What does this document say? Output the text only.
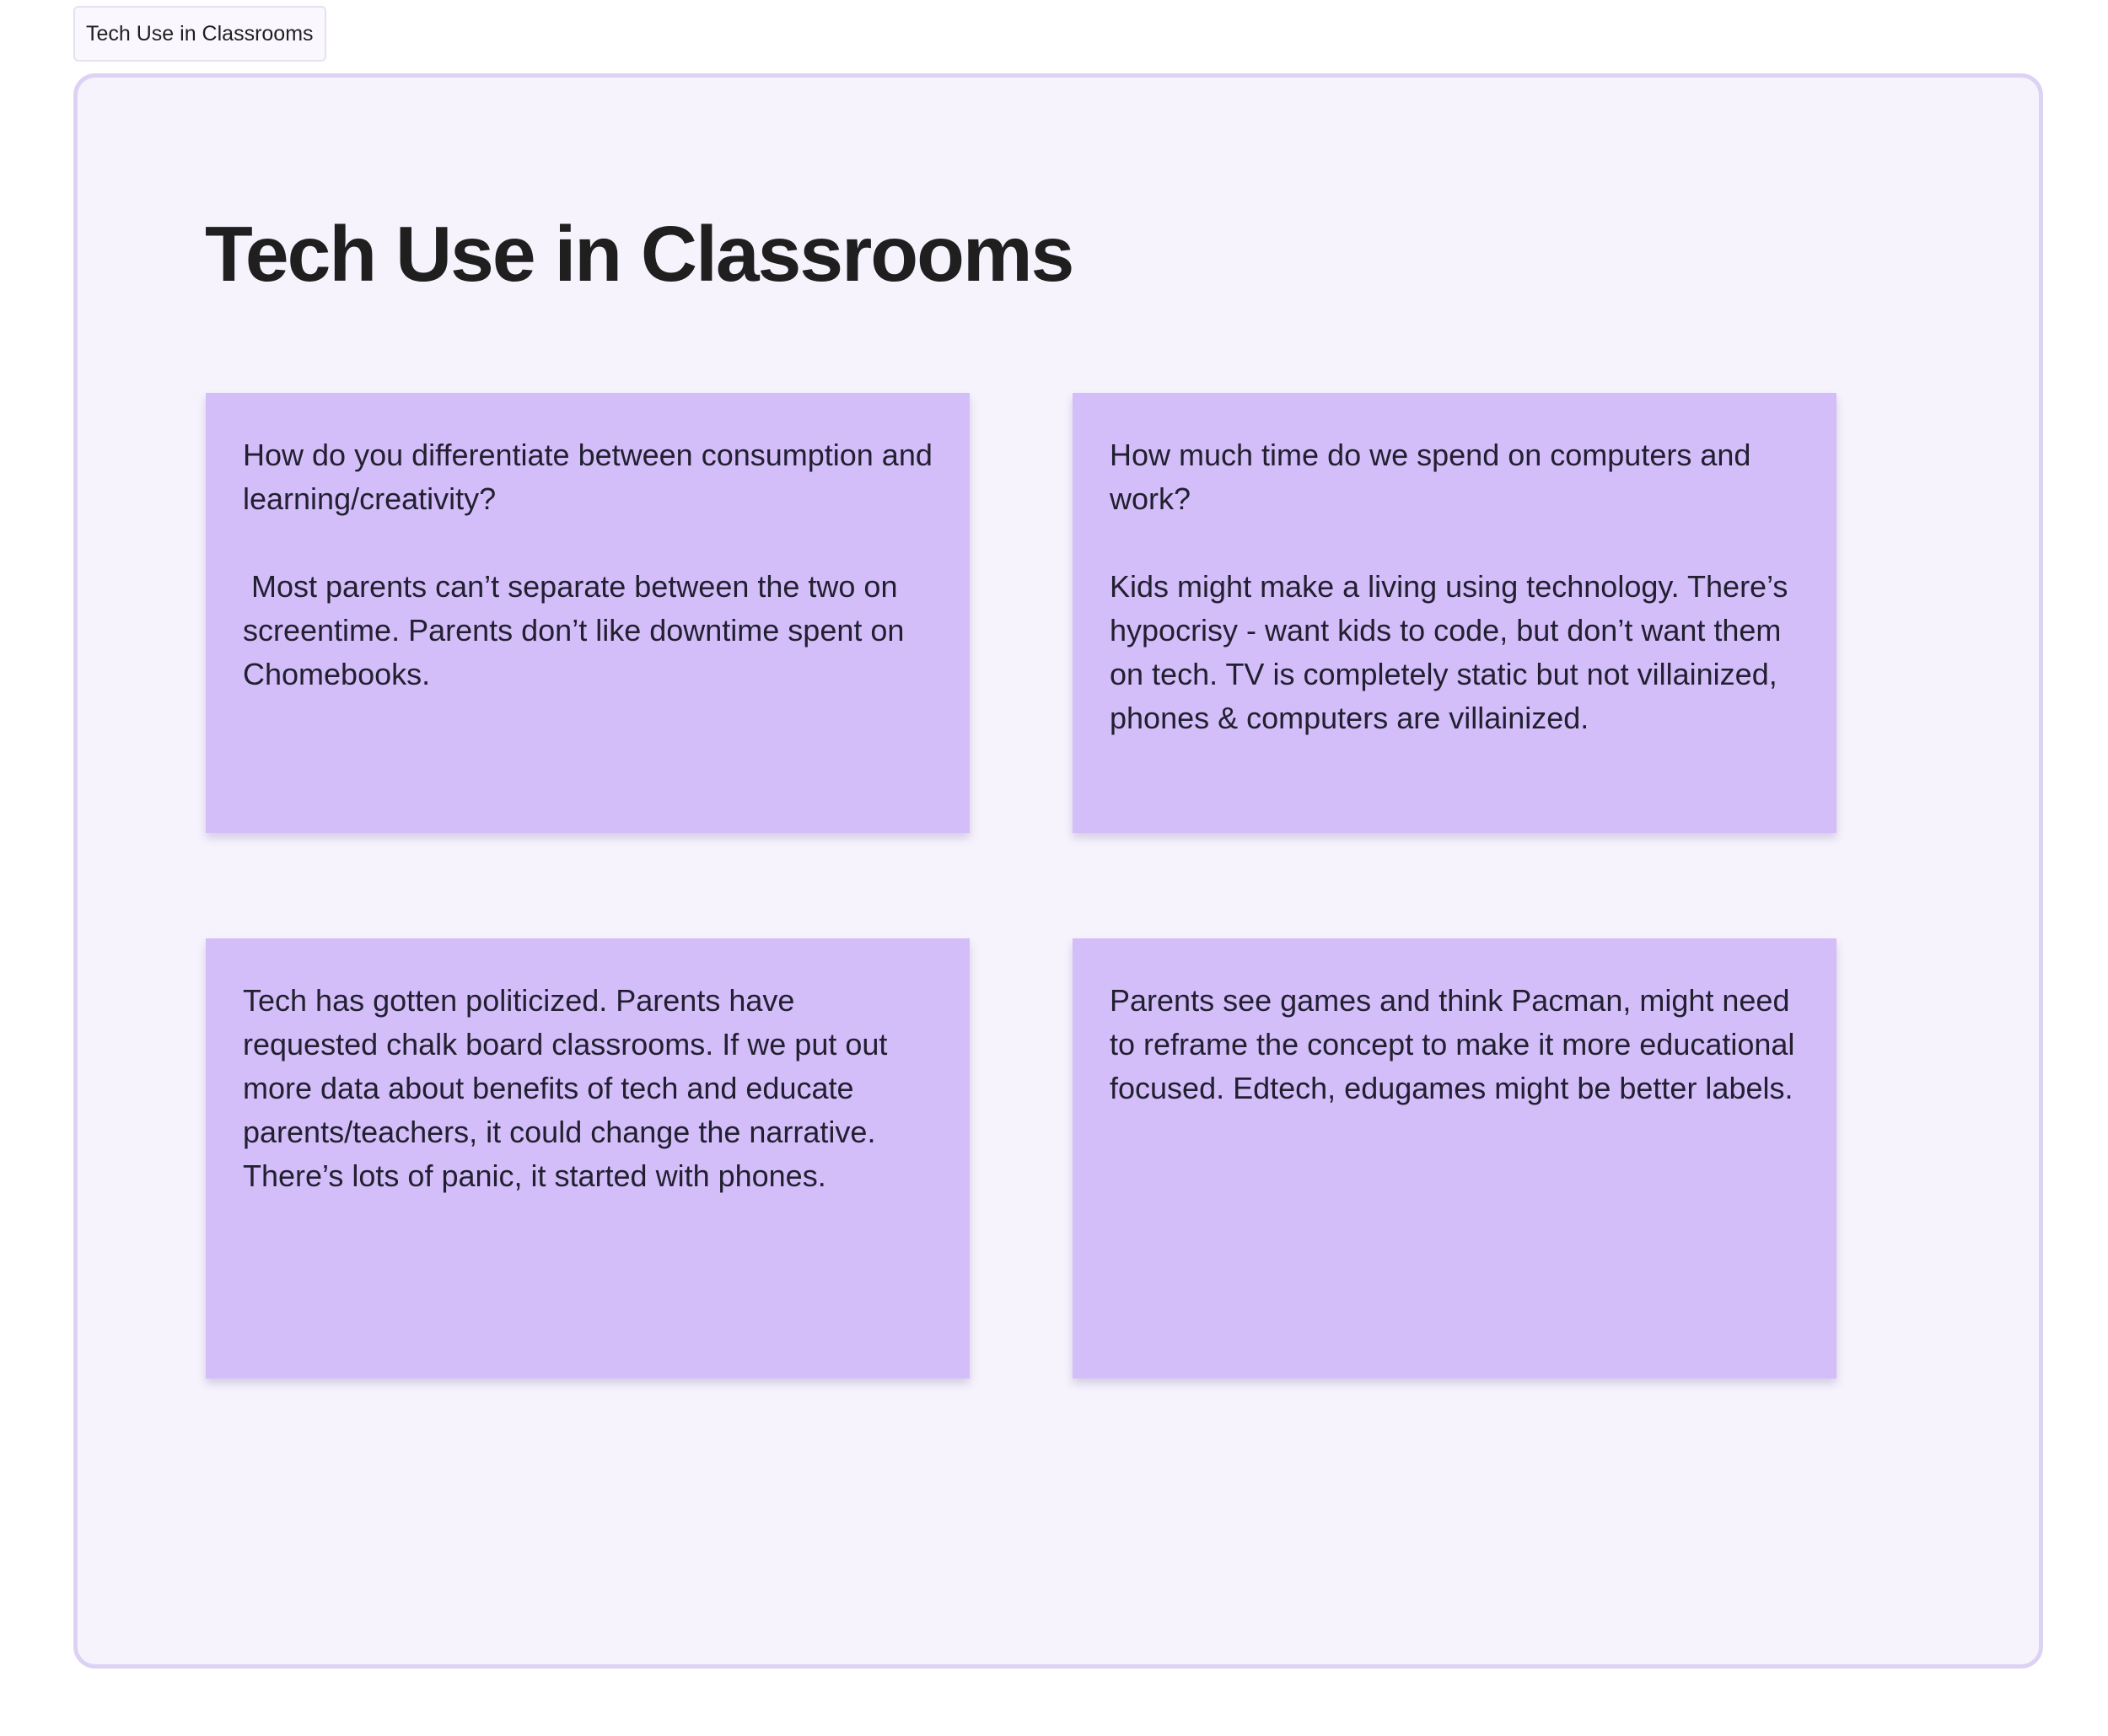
Tech Use in Classrooms
Tech Use in Classrooms

How do you differentiate between consumption and learning/creativity?

Most parents can’t separate between the two on screentime. Parents don’t like downtime spent on Chomebooks.

How much time do we spend on computers and work?

Kids might make a living using technology. There’s hypocrisy - want kids to code, but don’t want them on tech. TV is completely static but not villainized, phones & computers are villainized.

Tech has gotten politicized. Parents have requested chalk board classrooms. If we put out more data about benefits of tech and educate parents/teachers, it could change the narrative. There’s lots of panic, it started with phones.

Parents see games and think Pacman, might need to reframe the concept to make it more educational focused. Edtech, edugames might be better labels.
